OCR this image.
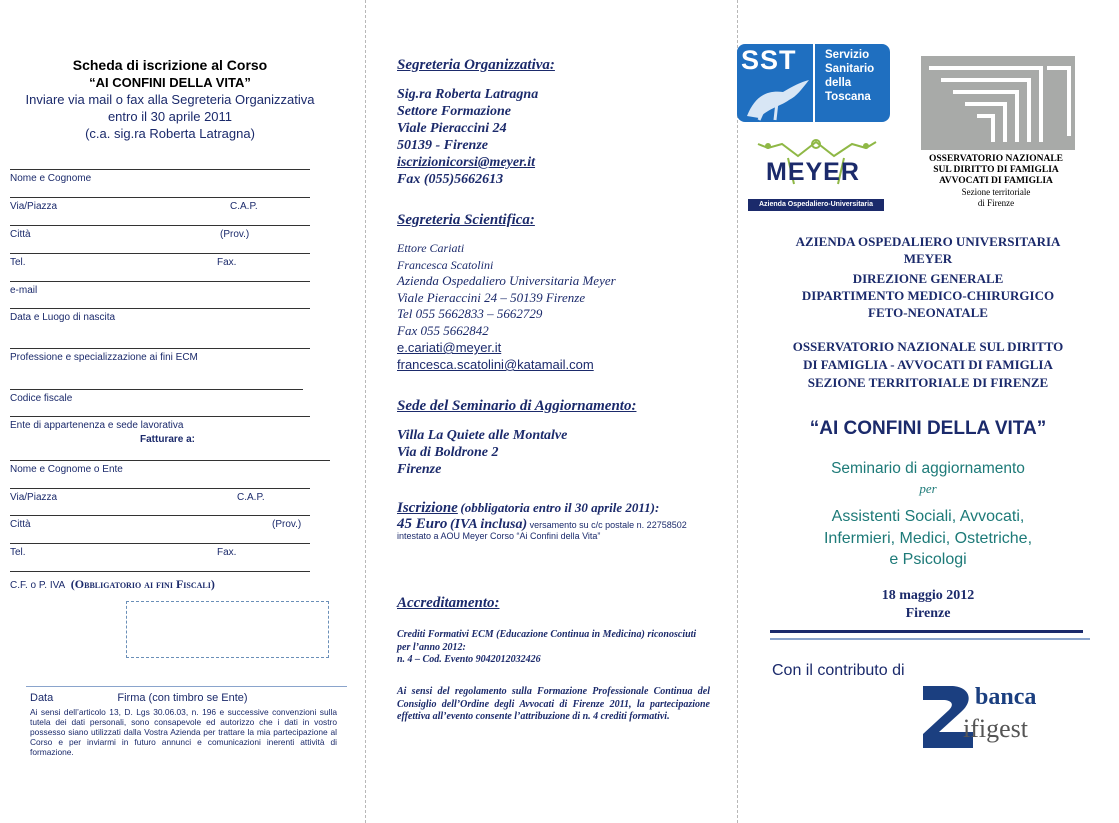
Scheda di iscrizione al Corso
“AI CONFINI DELLA VITA”
Inviare via mail o fax alla Segreteria Organizzativa
entro il 30 aprile 2011
(c.a. sig.ra Roberta Latragna)
Nome e Cognome
Via/Piazza	C.A.P.
Città	(Prov.)
Tel.	Fax.
e-mail
Data e Luogo di nascita
Professione e specializzazione ai fini ECM
Codice fiscale
Ente di appartenenza e sede lavorativa
Fatturare a:
Nome e Cognome o Ente
Via/Piazza	C.A.P.
Città	(Prov.)
Tel.	Fax.
C.F. o P. IVA (Obbligatorio ai fini Fiscali)
Data	Firma (con timbro se Ente)
Ai sensi dell’articolo 13, D. Lgs 30.06.03, n. 196 e successive convenzioni sulla tutela dei dati personali, sono consapevole ed autorizzo che i dati in vostro possesso siano utilizzati dalla Vostra Azienda per trattare la mia partecipazione al Corso e per inviarmi in futuro annunci e comunicazioni inerenti attività di formazione.
Segreteria Organizzativa:
Sig.ra Roberta Latragna
Settore Formazione
Viale Pieraccini 24
50139 - Firenze
iscrizionicorsi@meyer.it
Fax (055)5662613
Segreteria Scientifica:
Ettore Cariati
Francesca Scatolini
Azienda Ospedaliero Universitaria Meyer
Viale Pieraccini 24 – 50139 Firenze
Tel 055 5662833 – 5662729
Fax 055 5662842
e.cariati@meyer.it
francesca.scatolini@katamail.com
Sede del Seminario di Aggiornamento:
Villa La Quiete alle Montalve
Via di Boldrone 2
Firenze
Iscrizione (obbligatoria entro il 30 aprile 2011):
45 Euro (IVA inclusa) versamento su c/c postale n. 22758502 intestato a AOU Meyer Corso “Ai Confini della Vita”
Accreditamento:
Crediti Formativi ECM (Educazione Continua in Medicina) riconosciuti per l’anno 2012:
n. 4 – Cod. Evento 9042012032426
Ai sensi del regolamento sulla Formazione Professionale Continua del Consiglio dell’Ordine degli Avvocati di Firenze 2011, la partecipazione effettiva all’evento consente l’attribuzione di n. 4 crediti formativi.
SST	Servizio
Sanitario
della
Toscana
MEYER
Azienda Ospedaliero-Universitaria
OSSERVATORIO NAZIONALE
SUL DIRITTO DI FAMIGLIA
AVVOCATI DI FAMIGLIA
Sezione territoriale
di Firenze
AZIENDA OSPEDALIERO UNIVERSITARIA
MEYER
DIREZIONE GENERALE
DIPARTIMENTO MEDICO-CHIRURGICO
FETO-NEONATALE
OSSERVATORIO NAZIONALE SUL DIRITTO
DI FAMIGLIA - AVVOCATI DI FAMIGLIA
SEZIONE TERRITORIALE DI FIRENZE
“AI CONFINI DELLA VITA”
Seminario di aggiornamento
per
Assistenti Sociali, Avvocati,
Infermieri, Medici, Ostetriche,
e Psicologi
18 maggio 2012
Firenze
Con il contributo di
banca
ifigest
